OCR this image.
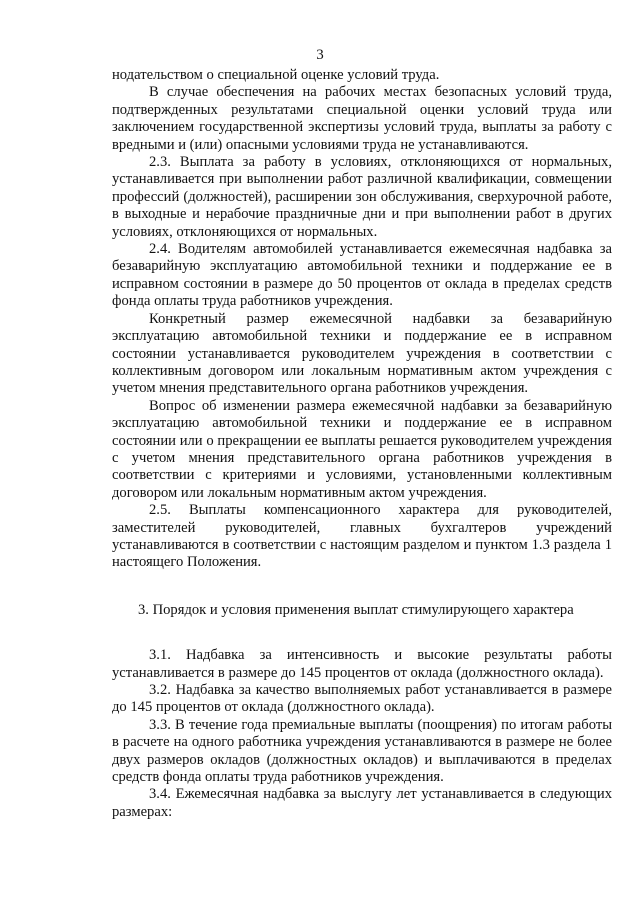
3

нодательством о специальной оценке условий труда.

В случае обеспечения на рабочих местах безопасных условий труда, подтвержденных результатами специальной оценки условий труда или заключением государственной экспертизы условий труда, выплаты за работу с вредными и (или) опасными условиями труда не устанавливаются.

2.3. Выплата за работу в условиях, отклоняющихся от нормальных, устанавливается при выполнении работ различной квалификации, совмещении профессий (должностей), расширении зон обслуживания, сверхурочной работе, в выходные и нерабочие праздничные дни и при выполнении работ в других условиях, отклоняющихся от нормальных.

2.4. Водителям автомобилей устанавливается ежемесячная надбавка за безаварийную эксплуатацию автомобильной техники и поддержание ее в исправном состоянии в размере до 50 процентов от оклада в пределах средств фонда оплаты труда работников учреждения.

Конкретный размер ежемесячной надбавки за безаварийную эксплуатацию автомобильной техники и поддержание ее в исправном состоянии устанавливается руководителем учреждения в соответствии с коллективным договором или локальным нормативным актом учреждения с учетом мнения представительного органа работников учреждения.

Вопрос об изменении размера ежемесячной надбавки за безаварийную эксплуатацию автомобильной техники и поддержание ее в исправном состоянии или о прекращении ее выплаты решается руководителем учреждения с учетом мнения представительного органа работников учреждения в соответствии с критериями и условиями, установленными коллективным договором или локальным нормативным актом учреждения.

2.5. Выплаты компенсационного характера для руководителей, заместителей руководителей, главных бухгалтеров учреждений устанавливаются в соответствии с настоящим разделом и пунктом 1.3 раздела 1 настоящего Положения.

3. Порядок и условия применения выплат стимулирующего характера

3.1. Надбавка за интенсивность и высокие результаты работы устанавливается в размере до 145 процентов от оклада (должностного оклада).

3.2. Надбавка за качество выполняемых работ устанавливается в размере до 145 процентов от оклада (должностного оклада).

3.3. В течение года премиальные выплаты (поощрения) по итогам работы в расчете на одного работника учреждения устанавливаются в размере не более двух размеров окладов (должностных окладов) и выплачиваются в пределах средств фонда оплаты труда работников учреждения.

3.4. Ежемесячная надбавка за выслугу лет устанавливается в следующих размерах:
